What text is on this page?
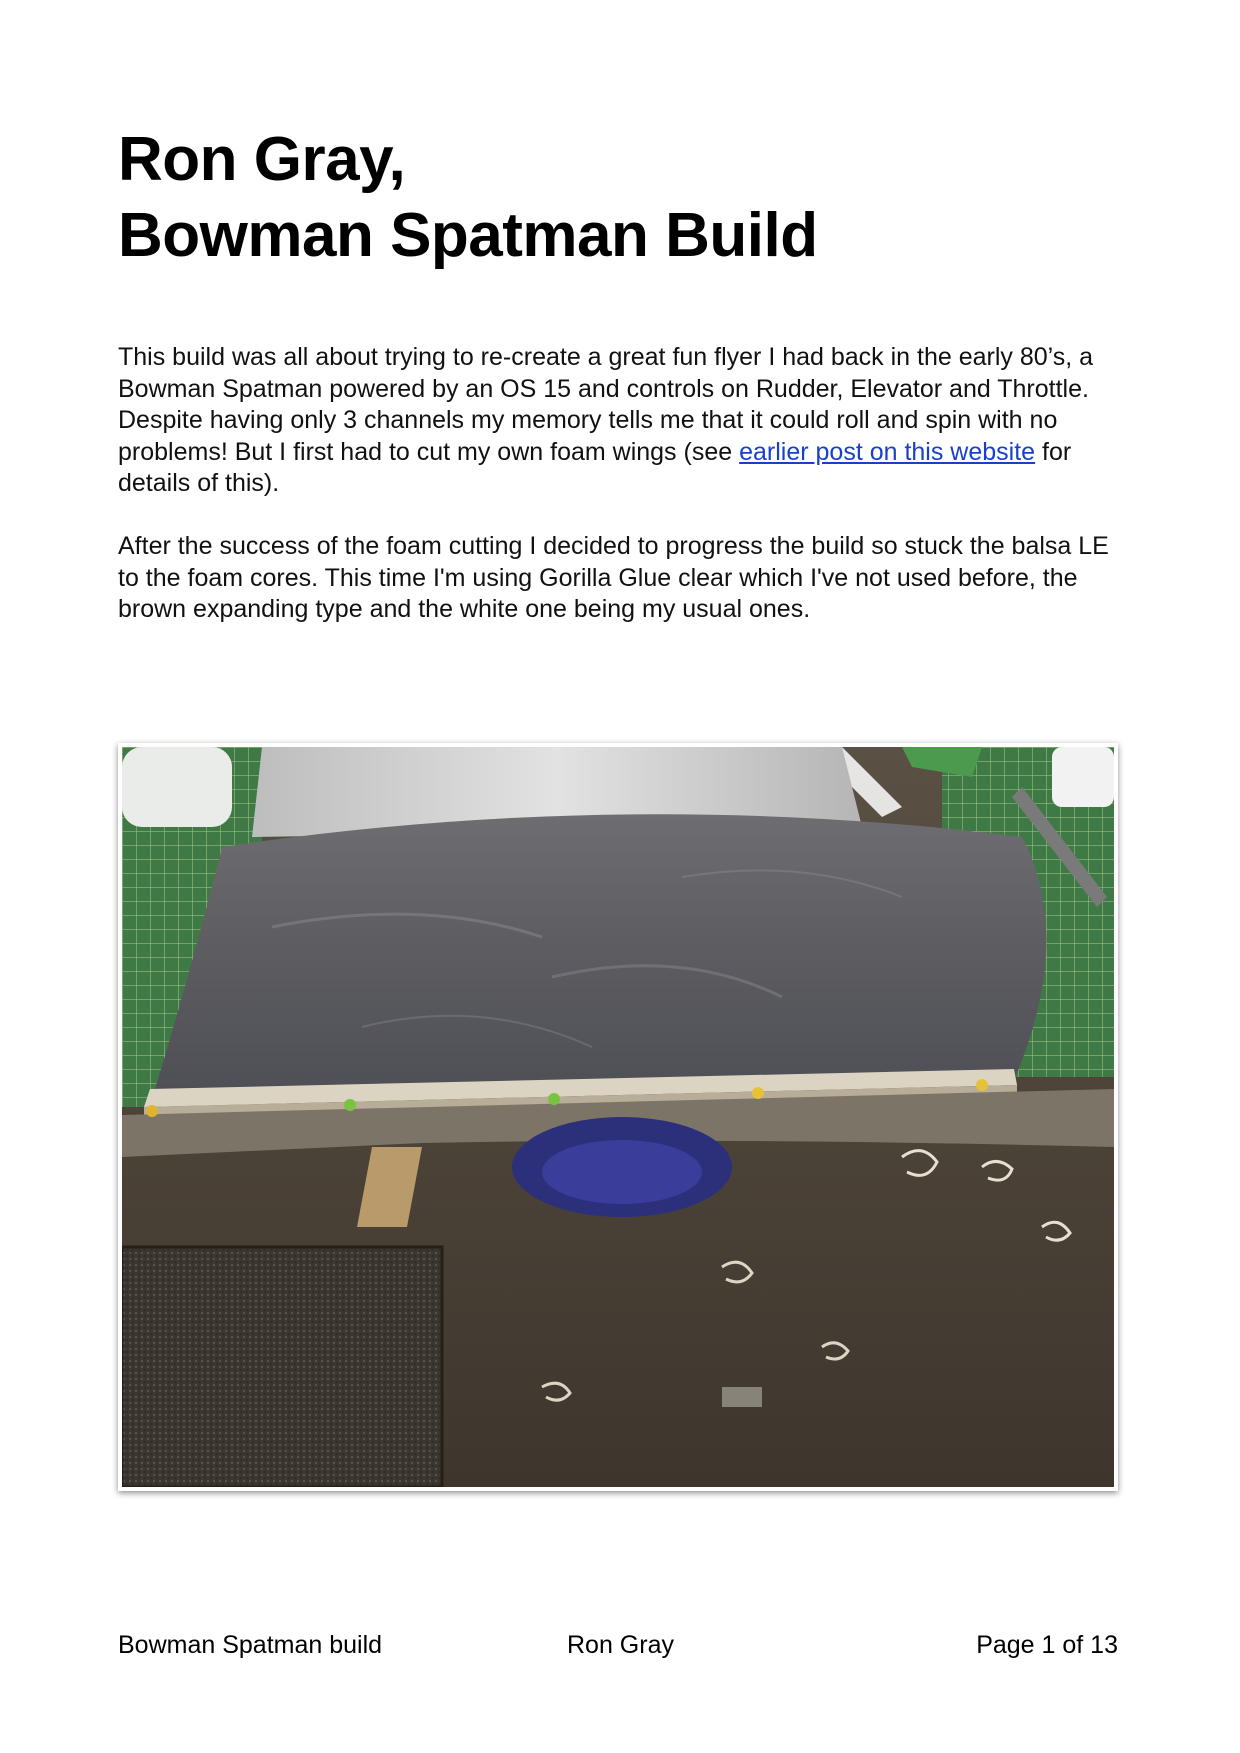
Ron Gray,
Bowman Spatman Build

This build was all about trying to re-create a great fun flyer I had back in the early 80’s, a Bowman Spatman powered by an OS 15 and controls on Rudder, Elevator and Throttle. Despite having only 3 channels my memory tells me that it could roll and spin with no problems! But I first had to cut my own foam wings (see earlier post on this website for details of this).

After the success of the foam cutting I decided to progress the build so stuck the balsa LE to the foam cores. This time I'm using Gorilla Glue clear which I've not used before, the brown expanding type and the white one being my usual ones.

Bowman Spatman build	Ron Gray	Page 1 of 13
